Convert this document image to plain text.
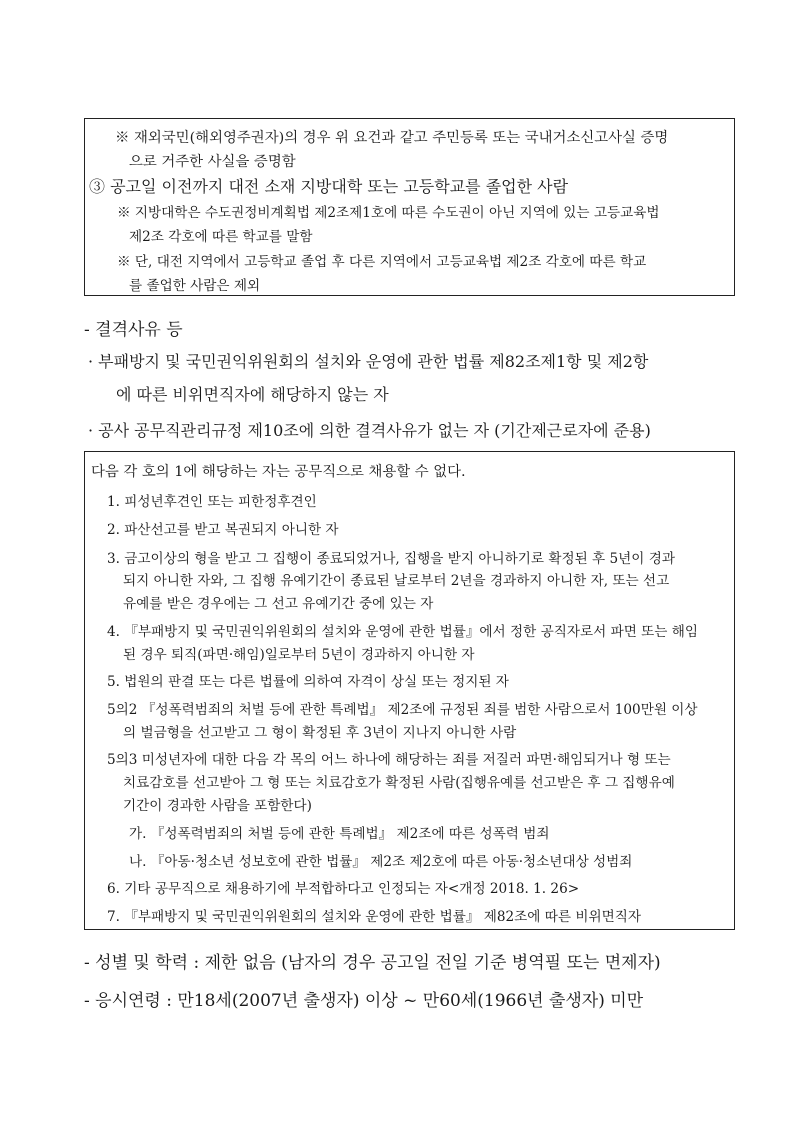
※ 재외국민(해외영주권자)의 경우 위 요건과 같고 주민등록 또는 국내거소신고사실 증명
으로 거주한 사실을 증명함
③ 공고일 이전까지 대전 소재 지방대학 또는 고등학교를 졸업한 사람
※ 지방대학은 수도권정비계획법 제2조제1호에 따른 수도권이 아닌 지역에 있는 고등교육법
제2조 각호에 따른 학교를 말함
※ 단, 대전 지역에서 고등학교 졸업 후 다른 지역에서 고등교육법 제2조 각호에 따른 학교
를 졸업한 사람은 제외
- 결격사유 등
· 부패방지 및 국민권익위원회의 설치와 운영에 관한 법률 제82조제1항 및 제2항
에 따른 비위면직자에 해당하지 않는 자
· 공사 공무직관리규정 제10조에 의한 결격사유가 없는 자 (기간제근로자에 준용)
다음 각 호의 1에 해당하는 자는 공무직으로 채용할 수 없다.
1. 피성년후견인 또는 피한정후견인
2. 파산선고를 받고 복권되지 아니한 자
3. 금고이상의 형을 받고 그 집행이 종료되었거나, 집행을 받지 아니하기로 확정된 후 5년이 경과
되지 아니한 자와, 그 집행 유예기간이 종료된 날로부터 2년을 경과하지 아니한 자, 또는 선고
유예를 받은 경우에는 그 선고 유예기간 중에 있는 자
4. 『부패방지 및 국민권익위원회의 설치와 운영에 관한 법률』에서 정한 공직자로서 파면 또는 해임
된 경우 퇴직(파면·해임)일로부터 5년이 경과하지 아니한 자
5. 법원의 판결 또는 다른 법률에 의하여 자격이 상실 또는 정지된 자
5의2 『성폭력범죄의 처벌 등에 관한 특례법』 제2조에 규정된 죄를 범한 사람으로서 100만원 이상
의 벌금형을 선고받고 그 형이 확정된 후 3년이 지나지 아니한 사람
5의3 미성년자에 대한 다음 각 목의 어느 하나에 해당하는 죄를 저질러 파면·해임되거나 형 또는
치료감호를 선고받아 그 형 또는 치료감호가 확정된 사람(집행유예를 선고받은 후 그 집행유예
기간이 경과한 사람을 포함한다)
가. 『성폭력범죄의 처벌 등에 관한 특례법』 제2조에 따른 성폭력 범죄
나. 『아동·청소년 성보호에 관한 법률』 제2조 제2호에 따른 아동·청소년대상 성범죄
6. 기타 공무직으로 채용하기에 부적합하다고 인정되는 자<개정 2018. 1. 26>
7. 『부패방지 및 국민권익위원회의 설치와 운영에 관한 법률』 제82조에 따른 비위면직자
- 성별 및 학력 : 제한 없음 (남자의 경우 공고일 전일 기준 병역필 또는 면제자)
- 응시연령 : 만18세(2007년 출생자) 이상 ~ 만60세(1966년 출생자) 미만
